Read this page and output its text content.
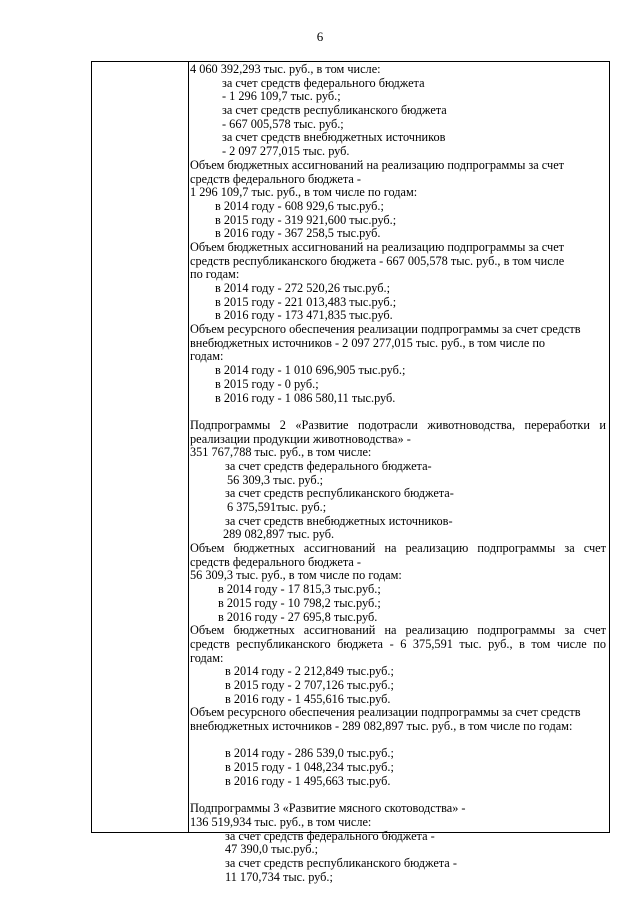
6
4 060 392,293 тыс. руб., в том числе:
за счет средств федерального бюджета
- 1 296 109,7 тыс. руб.;
за счет средств республиканского бюджета
- 667 005,578 тыс. руб.;
за счет средств внебюджетных источников
- 2 097 277,015 тыс. руб.
Объем бюджетных ассигнований на реализацию подпрограммы за счет
средств федерального бюджета -
1 296 109,7 тыс. руб., в том числе по годам:
в 2014 году - 608 929,6 тыс.руб.;
в 2015 году - 319 921,600 тыс.руб.;
в 2016 году - 367 258,5 тыс.руб.
Объем бюджетных ассигнований на реализацию подпрограммы за счет
средств республиканского бюджета - 667 005,578 тыс. руб., в том числе
по годам:
в 2014 году - 272 520,26 тыс.руб.;
в 2015 году - 221 013,483 тыс.руб.;
в 2016 году - 173 471,835 тыс.руб.
Объем ресурсного обеспечения реализации подпрограммы за счет средств
внебюджетных источников - 2 097 277,015 тыс. руб., в том числе по
годам:
в 2014 году - 1 010 696,905 тыс.руб.;
в 2015 году - 0 руб.;
в 2016 году - 1 086 580,11 тыс.руб.
Подпрограммы 2 «Развитие подотрасли животноводства, переработки и
реализации продукции животноводства» -
351 767,788 тыс. руб., в том числе:
за счет средств федерального бюджета-
56 309,3 тыс. руб.;
за счет средств республиканского бюджета-
6 375,591тыс. руб.;
за счет средств внебюджетных источников-
289 082,897 тыс. руб.
Объем бюджетных ассигнований на реализацию подпрограммы за счет
средств федерального бюджета -
56 309,3 тыс. руб., в том числе по годам:
в 2014 году - 17 815,3 тыс.руб.;
в 2015 году - 10 798,2 тыс.руб.;
в 2016 году - 27 695,8 тыс.руб.
Объем бюджетных ассигнований на реализацию подпрограммы за счет
средств республиканского бюджета - 6 375,591 тыс. руб., в том числе по
годам:
в 2014 году - 2 212,849 тыс.руб.;
в 2015 году - 2 707,126 тыс.руб.;
в 2016 году - 1 455,616 тыс.руб.
Объем ресурсного обеспечения реализации подпрограммы за счет средств
внебюджетных источников - 289 082,897 тыс. руб., в том числе по годам:
в 2014 году - 286 539,0 тыс.руб.;
в 2015 году - 1 048,234 тыс.руб.;
в 2016 году - 1 495,663 тыс.руб.
Подпрограммы 3 «Развитие мясного скотоводства» -
136 519,934 тыс. руб., в том числе:
за счет средств федерального бюджета -
47 390,0 тыс.руб.;
за счет средств республиканского бюджета -
11 170,734 тыс. руб.;
